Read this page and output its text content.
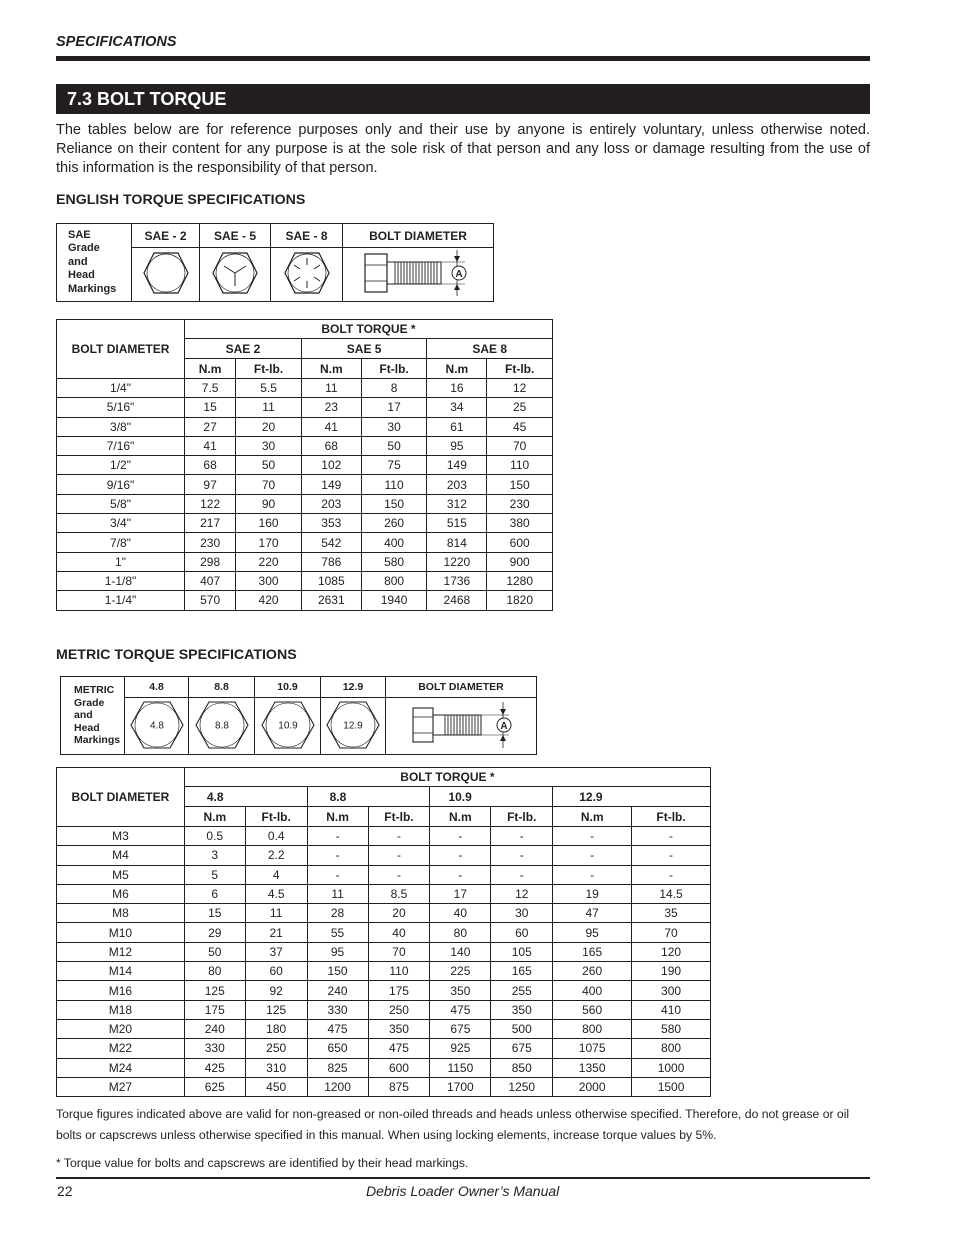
SPECIFICATIONS
7.3 BOLT TORQUE
The tables below are for reference purposes only and their use by anyone is entirely voluntary, unless otherwise noted. Reliance on their content for any purpose is at the sole risk of that person and any loss or damage resulting from the use of this information is the responsibility of that person.
ENGLISH TORQUE SPECIFICATIONS
SAE
Grade
and
Head
Markings	SAE - 2	SAE - 5	SAE - 8	BOLT DIAMETER

A
BOLT DIAMETER	BOLT TORQUE *					
	SAE 2		SAE 5		SAE 8	
	N.m	Ft-lb.	N.m	Ft-lb.	N.m	Ft-lb.
1/4"	7.5	5.5	11	8	16	12
5/16"	15	11	23	17	34	25
3/8"	27	20	41	30	61	45
7/16"	41	30	68	50	95	70
1/2"	68	50	102	75	149	110
9/16"	97	70	149	110	203	150
5/8"	122	90	203	150	312	230
3/4"	217	160	353	260	515	380
7/8"	230	170	542	400	814	600
1"	298	220	786	580	1220	900
1-1/8"	407	300	1085	800	1736	1280
1-1/4"	570	420	2631	1940	2468	1820
METRIC TORQUE SPECIFICATIONS
METRIC
Grade
and
Head
Markings	4.8	8.8	10.9	12.9	BOLT DIAMETER

4.8	8.8	10.9	12.9	A
BOLT DIAMETER	BOLT TORQUE *							
	4.8		8.8		10.9		12.9	
	N.m	Ft-lb.	N.m	Ft-lb.	N.m	Ft-lb.	N.m	Ft-lb.
M3	0.5	0.4	-	-	-	-	-	-
M4	3	2.2	-	-	-	-	-	-
M5	5	4	-	-	-	-	-	-
M6	6	4.5	11	8.5	17	12	19	14.5
M8	15	11	28	20	40	30	47	35
M10	29	21	55	40	80	60	95	70
M12	50	37	95	70	140	105	165	120
M14	80	60	150	110	225	165	260	190
M16	125	92	240	175	350	255	400	300
M18	175	125	330	250	475	350	560	410
M20	240	180	475	350	675	500	800	580
M22	330	250	650	475	925	675	1075	800
M24	425	310	825	600	1150	850	1350	1000
M27	625	450	1200	875	1700	1250	2000	1500
Torque figures indicated above are valid for non-greased or non-oiled threads and heads unless otherwise specified. Therefore, do not grease or oil bolts or capscrews unless otherwise specified in this manual. When using locking elements, increase torque values by 5%.
* Torque value for bolts and capscrews are identified by their head markings.
22	Debris Loader Owner’s Manual
